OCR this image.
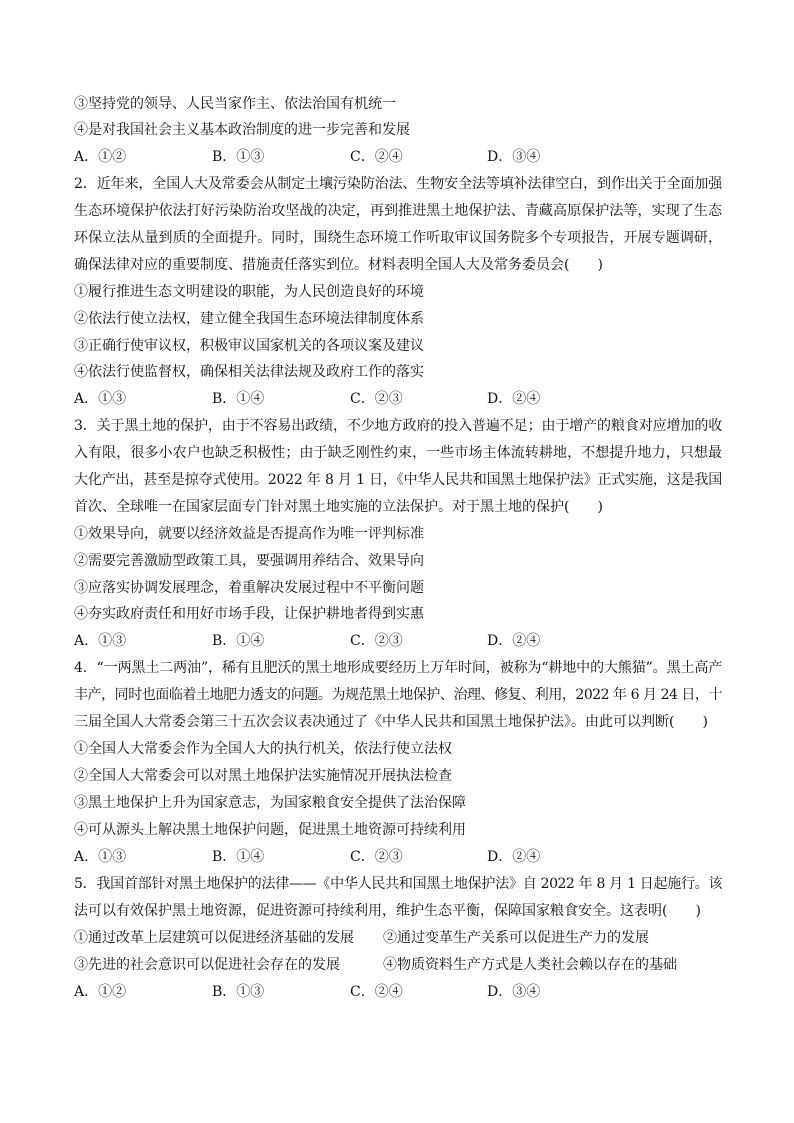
③坚持党的领导、人民当家作主、依法治国有机统一
④是对我国社会主义基本政治制度的进一步完善和发展
A．①②	B．①③	C．②④	D．③④
2．近年来，全国人大及常委会从制定土壤污染防治法、生物安全法等填补法律空白，到作出关于全面加强
生态环境保护依法打好污染防治攻坚战的决定，再到推进黑土地保护法、青藏高原保护法等，实现了生态
环保立法从量到质的全面提升。同时，围绕生态环境工作听取审议国务院多个专项报告，开展专题调研，
确保法律对应的重要制度、措施责任落实到位。材料表明全国人大及常务委员会(　　)
①履行推进生态文明建设的职能，为人民创造良好的环境
②依法行使立法权，建立健全我国生态环境法律制度体系
③正确行使审议权，积极审议国家机关的各项议案及建议
④依法行使监督权，确保相关法律法规及政府工作的落实
A．①③	B．①④	C．②③	D．②④
3．关于黑土地的保护，由于不容易出政绩，不少地方政府的投入普遍不足；由于增产的粮食对应增加的收
入有限，很多小农户也缺乏积极性；由于缺乏刚性约束，一些市场主体流转耕地，不想提升地力，只想最
大化产出，甚至是掠夺式使用。2022 年 8 月 1 日，《中华人民共和国黑土地保护法》正式实施，这是我国
首次、全球唯一在国家层面专门针对黑土地实施的立法保护。对于黑土地的保护(　　)
①效果导向，就要以经济效益是否提高作为唯一评判标准
②需要完善激励型政策工具，要强调用养结合、效果导向
③应落实协调发展理念，着重解决发展过程中不平衡问题
④夯实政府责任和用好市场手段，让保护耕地者得到实惠
A．①③	B．①④	C．②③	D．②④
4．“一两黑土二两油”，稀有且肥沃的黑土地形成要经历上万年时间，被称为“耕地中的大熊猫”。黑土高产
丰产，同时也面临着土地肥力透支的问题。为规范黑土地保护、治理、修复、利用，2022 年 6 月 24 日，十
三届全国人大常委会第三十五次会议表决通过了《中华人民共和国黑土地保护法》。由此可以判断(　　)
①全国人大常委会作为全国人大的执行机关，依法行使立法权
②全国人大常委会可以对黑土地保护法实施情况开展执法检查
③黑土地保护上升为国家意志，为国家粮食安全提供了法治保障
④可从源头上解决黑土地保护问题，促进黑土地资源可持续利用
A．①③	B．①④	C．②③	D．②④
5．我国首部针对黑土地保护的法律——《中华人民共和国黑土地保护法》自 2022 年 8 月 1 日起施行。该
法可以有效保护黑土地资源，促进资源可持续利用，维护生态平衡，保障国家粮食安全。这表明(　　)
①通过改革上层建筑可以促进经济基础的发展 ②通过变革生产关系可以促进生产力的发展
③先进的社会意识可以促进社会存在的发展	④物质资料生产方式是人类社会赖以存在的基础
A．①②	B．①③	C．②④	D．③④
